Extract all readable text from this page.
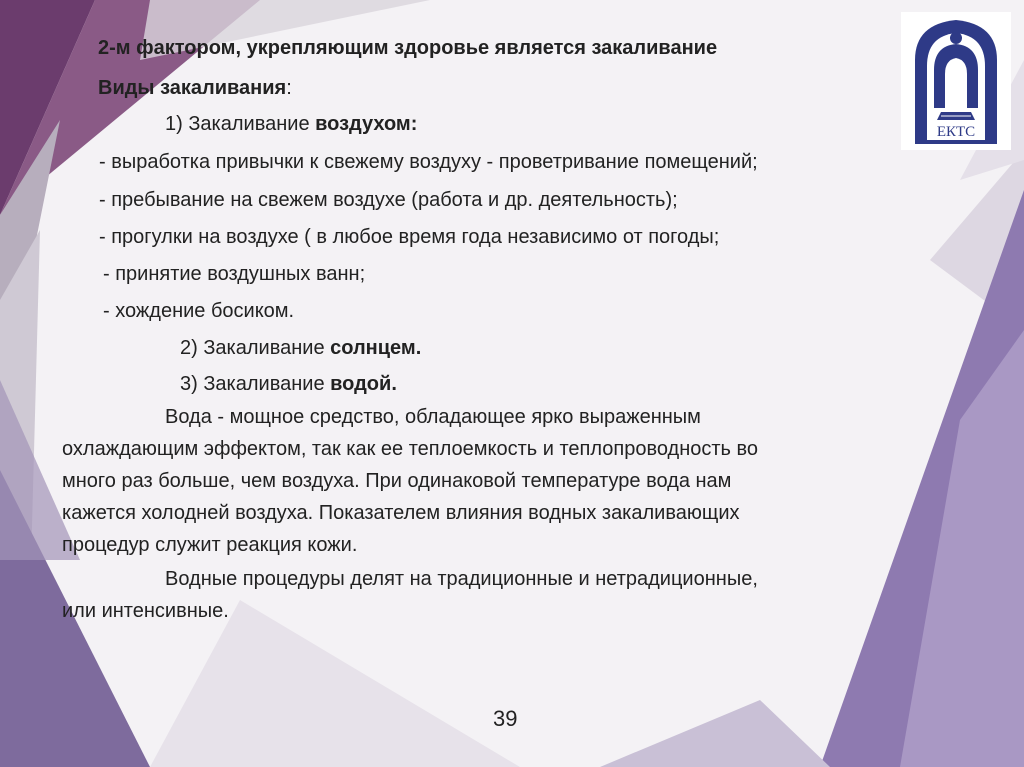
ЕКТС
2-м фактором, укрепляющим здоровье является закаливание
Виды закаливания:
1) Закаливание воздухом:
- выработка привычки к свежему воздуху - проветривание помещений;
- пребывание на свежем воздухе (работа и др. деятельность);
- прогулки на воздухе ( в любое время года независимо от погоды;
- принятие воздушных ванн;
- хождение босиком.
2) Закаливание солнцем.
3) Закаливание водой.
Вода - мощное средство, обладающее ярко выраженным
охлаждающим эффектом, так как ее теплоемкость и теплопроводность во
много раз больше, чем воздуха. При одинаковой температуре вода нам
кажется холодней воздуха. Показателем влияния водных закаливающих
процедур служит реакция кожи.
Водные процедуры делят на традиционные и нетрадиционные,
или интенсивные.
39
